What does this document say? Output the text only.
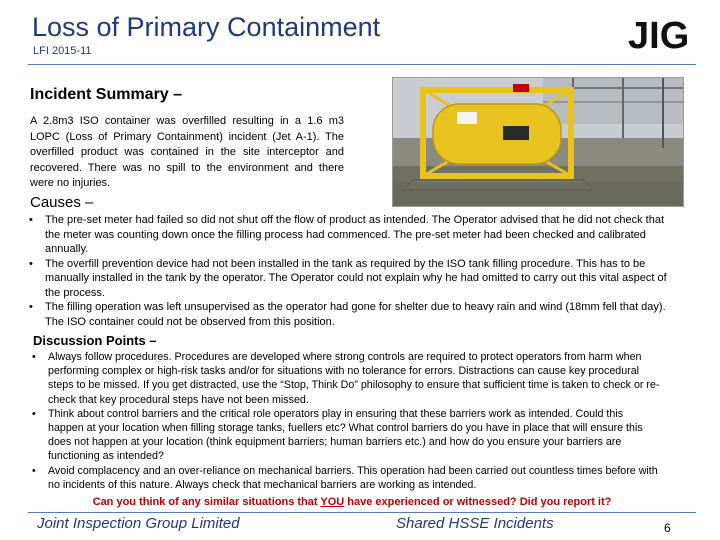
Loss of Primary Containment
LFI 2015-11	JIG
Incident Summary –
A 2.8m3 ISO container was overfilled resulting in a 1.6 m3 LOPC (Loss of Primary Containment) incident (Jet A-1). The overfilled product was contained in the site interceptor and recovered. There was no spill to the environment and there were no injuries.
Causes –
• The pre-set meter had failed so did not shut off the flow of product as intended. The Operator advised that he did not check that the meter was counting down once the filling process had commenced. The pre-set meter had been checked and calibrated annually.
• The overfill prevention device had not been installed in the tank as required by the ISO tank filling procedure. This has to be manually installed in the tank by the operator. The Operator could not explain why he had omitted to carry out this vital aspect of the process.
• The filling operation was left unsupervised as the operator had gone for shelter due to heavy rain and wind (18mm fell that day). The ISO container could not be observed from this position.
Discussion Points –
• Always follow procedures. Procedures are developed where strong controls are required to protect operators from harm when performing complex or high-risk tasks and/or for situations with no tolerance for errors. Distractions can cause key procedural steps to be missed. If you get distracted, use the “Stop, Think Do” philosophy to ensure that sufficient time is taken to check or re-check that key procedural steps have not been missed.
• Think about control barriers and the critical role operators play in ensuring that these barriers work as intended. Could this happen at your location when filling storage tanks, fuellers etc? What control barriers do you have in place that will ensure this does not happen at your location (think equipment barriers; human barriers etc.) and how do you ensure your barriers are functioning as intended?
• Avoid complacency and an over-reliance on mechanical barriers. This operation had been carried out countless times before with no incidents of this nature. Always check that mechanical barriers are working as intended.
Can you think of any similar situations that YOU have experienced or witnessed? Did you report it?
Joint Inspection Group Limited	Shared HSSE Incidents	6
